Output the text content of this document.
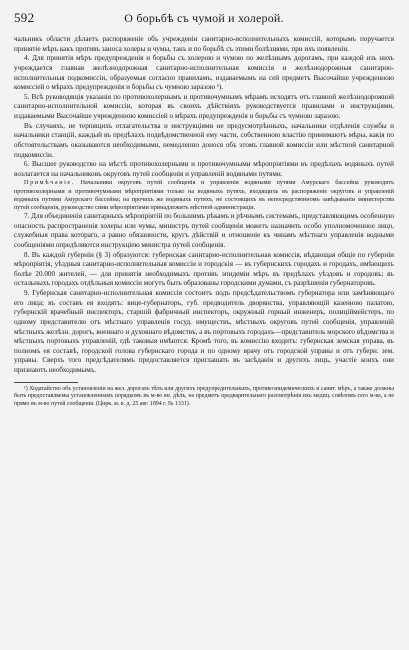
592	О борьбѣ съ чумой и холерой.

чальникъ области дѣлаетъ распоряженіе объ учрежденіи санитарно-исполнительныхъ комиссій, которымъ поручается принятіе мѣръ какъ противъ заноса холеры и чумы, такъ и по борьбѣ съ этими болѣзнями, при ихъ появленіи.

4. Для принятія мѣръ предупрежденія и борьбы съ холерою и чумою по желѣзнымъ дорогамъ, при каждой изъ нихъ учреждается главная желѣзнодорожная санитарно-исполнительная комиссія и желѣзнодорожныя санитарно-исполнительныя подкомиссіи, образуемыя согласно правиламъ, издаваемымъ на сей предметъ Высочайше учрежденною комиссіей о мѣрахъ предупрежденія и борьбы съ чумною заразою ¹).

5. Всѣ руководящія указанія по противохолернымъ и противочумнымъ мѣрамъ исходятъ отъ главной желѣзнодорожной санитарно-исполнительной комиссіи, которая въ своихъ дѣйствіяхъ руководствуется правилами и инструкціями, издаваемыми Высочайше учрежденною комиссіей о мѣрахъ предупрежденія и борьбы съ чумною заразою.

Въ случаяхъ, не терпящихъ отлагательства и инструкціями не предусмотрѣнныхъ, начальники отдѣленія службы и начальники станцій, каждый въ предѣлахъ подвѣдомственной ему части, собственною властію принимаютъ мѣры, какія по обстоятельствамъ оказываются необходимыми, немедленно донося объ этомъ главной комиссіи или мѣстной санитарной подкомиссіи.

6. Высшее руководство на мѣстѣ противохолерными и противочумными мѣропріятіями въ предѣлахъ водяныхъ путей возлагается на начальниковъ округовъ путей сообщенія и управленій водяными путями.

Примѣчаніе. Начальники округовъ путей сообщенія и управленія водяными путями Амурскаго бассейна руководятъ противохолерными и противочумными мѣропріятіями только на водяныхъ путяхъ, входящихъ въ распоряженіе округовъ и управленій водяныхъ путями Амурскаго бассейна; на прочихъ же водяныхъ путяхъ, не состоящихъ въ непосредственномъ завѣдываніи министерства путей сообщенія, руководство сими мѣропріятіями принадлежитъ мѣстной администраціи.

7. Для объединенія санитарныхъ мѣропріятій по большимъ рѣкамъ и рѣчнымъ системамъ, представляющимъ особенную опасность распространенія холеры или чумы, министръ путей сообщенія можетъ назначить особо уполномоченное лицо, служебныя права котораго, а равно обязанности, кругъ дѣйствій и отношеніе къ чинамъ мѣстнаго управленія водными сообщеніями опредѣляются инструкціею министра путей сообщенія.

8. Въ каждой губерніи (§ 3) образуются: губернская санитарно-исполнительная комиссія, вѣдающая общіе по губерніи мѣропріятія, уѣздныя санитарно-исполнительныя комиссіи и городскія — въ губернскихъ городахъ и городахъ, имѣющихъ болѣе 20.000 жителей, — для принятія необходимыхъ противъ эпидеміи мѣръ въ предѣлахъ уѣздовъ и городовъ; въ остальныхъ городахъ отдѣльныя комиссіи могутъ быть образованы городскими думами, съ разрѣшенія губернаторовъ.

9. Губернская санитарно-исполнительная комиссія состоитъ подъ предсѣдательствомъ губернатора или замѣняющаго его лица; въ составъ ея входятъ: вице-губернаторъ, губ. предводитель дворянства, управляющій казенною палатою, губернскій врачебный инспекторъ, старшій фабричный инспекторъ, окружный горный инженеръ, полиціймейстеръ, по одному представителю отъ мѣстнаго управленія госуд. имуществъ, мѣстныхъ округовъ путей сообщенія, управленій мѣстныхъ желѣзн. дорогъ, военнаго и духовнаго вѣдомствъ, а въ портовыхъ городахъ—представитель морского вѣдомства и мѣстныхъ портовыхъ управленій, гдѣ таковыя имѣются. Кромѣ того, въ комиссію входитъ: губернская земская управа, въ полномъ ея составѣ, городской голова губернскаго города и по одному врачу отъ городской управы и отъ губерн. зем. управы. Сверхъ того предсѣдателямъ предоставляется приглашать въ засѣданія и другихъ лицъ, участіе коихъ они признаютъ необходимымъ.

¹) Ходатайство объ установленіи на жел. дорогахъ тѣхъ или другихъ предупредительныхъ, противоэпидемическихъ и санит. мѣръ, а также должны быть предоставляемы установленнымъ порядкомъ въ м-во вн. дѣлъ, на предметъ предварительнаго разсмотрѣнія ихъ медиц. совѣтомъ сего м-ва, а не прямо въ м-во путей сообщенія. (Цирк. м. в. д. 25 авг. 1894 г. № 1331).
